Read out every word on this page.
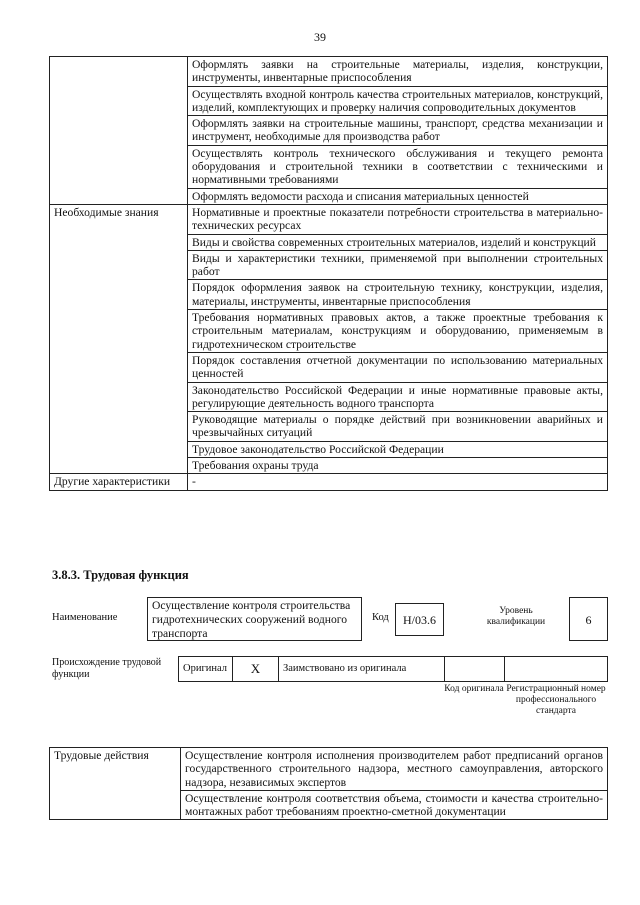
39
	Оформлять заявки на строительные материалы, изделия, конструкции, инструменты, инвентарные приспособления
	Осуществлять входной контроль качества строительных материалов, конструкций, изделий, комплектующих и проверку наличия сопроводительных документов
	Оформлять заявки на строительные машины, транспорт, средства механизации и инструмент, необходимые для производства работ
	Осуществлять контроль технического обслуживания и текущего ремонта оборудования и строительной техники в соответствии с техническими и нормативными требованиями
	Оформлять ведомости расхода и списания материальных ценностей
Необходимые знания	Нормативные и проектные показатели потребности строительства в материально-технических ресурсах
	Виды и свойства современных строительных материалов, изделий и конструкций
	Виды и характеристики техники, применяемой при выполнении строительных работ
	Порядок оформления заявок на строительную технику, конструкции, изделия, материалы, инструменты, инвентарные приспособления
	Требования нормативных правовых актов, а также проектные требования к строительным материалам, конструкциям и оборудованию, применяемым в гидротехническом строительстве
	Порядок составления отчетной документации по использованию материальных ценностей
	Законодательство Российской Федерации и иные нормативные правовые акты, регулирующие деятельность водного транспорта
	Руководящие материалы о порядке действий при возникновении аварийных и чрезвычайных ситуаций
	Трудовое законодательство Российской Федерации
	Требования охраны труда
Другие характеристики	-
3.8.3. Трудовая функция
Наименование
Осуществление контроля строительства гидротехнических сооружений водного транспорта
Код	Н/03.6
Уровень квалификации	6
Происхождение трудовой функции
Оригинал	X	Заимствовано из оригинала
Код оригинала Регистрационный номер профессионального стандарта
Трудовые действия	Осуществление контроля исполнения производителем работ предписаний органов государственного строительного надзора, местного самоуправления, авторского надзора, независимых экспертов
Осуществление контроля соответствия объема, стоимости и качества строительно-монтажных работ требованиям проектно-сметной документации
